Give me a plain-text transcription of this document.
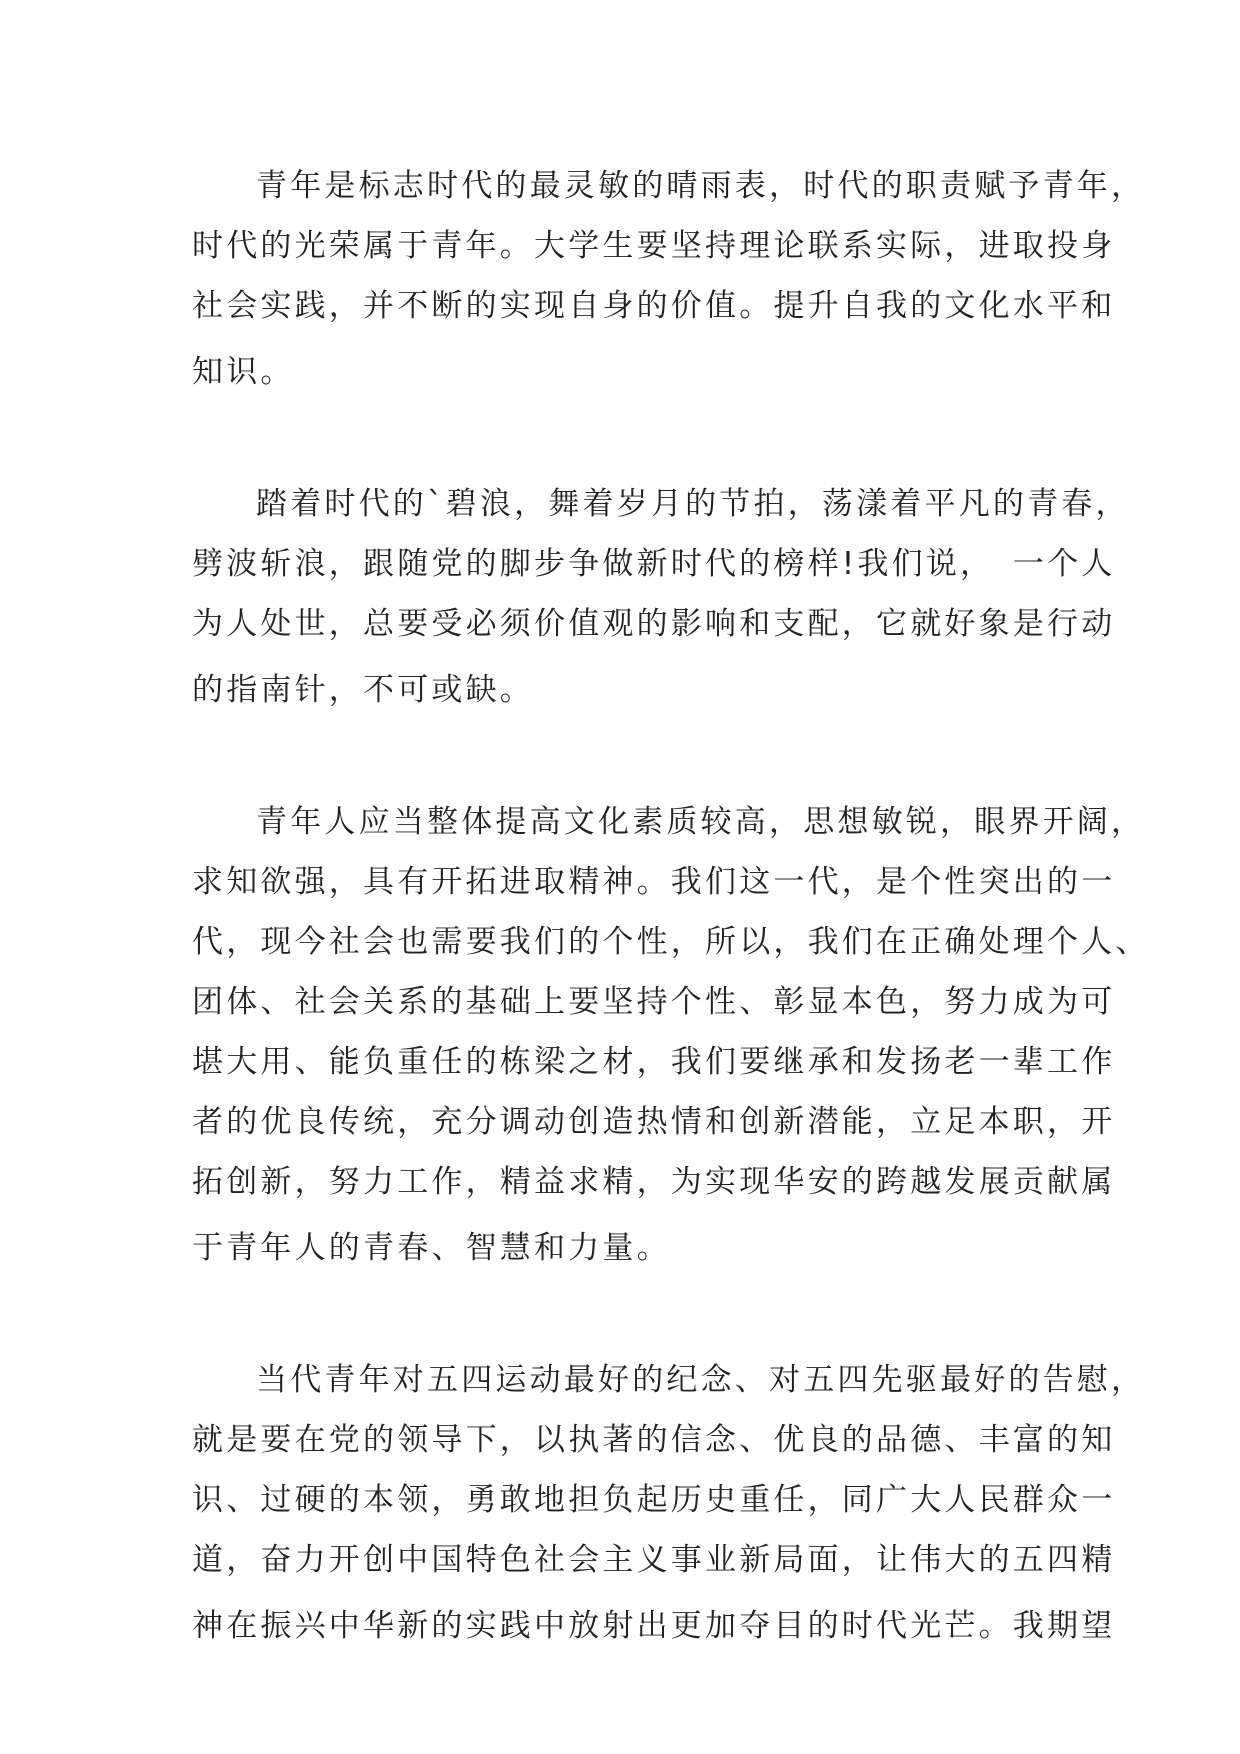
青年是标志时代的最灵敏的晴雨表，时代的职责赋予青年，
时代的光荣属于青年。大学生要坚持理论联系实际，进取投身
社会实践，并不断的实现自身的价值。提升自我的文化水平和
知识。
踏着时代的`碧浪，舞着岁月的节拍，荡漾着平凡的青春，
劈波斩浪，跟随党的脚步争做新时代的榜样!我们说，　一个人
为人处世，总要受必须价值观的影响和支配，它就好象是行动
的指南针，不可或缺。
青年人应当整体提高文化素质较高，思想敏锐，眼界开阔，
求知欲强，具有开拓进取精神。我们这一代，是个性突出的一
代，现今社会也需要我们的个性，所以，我们在正确处理个人、
团体、社会关系的基础上要坚持个性、彰显本色，努力成为可
堪大用、能负重任的栋梁之材，我们要继承和发扬老一辈工作
者的优良传统，充分调动创造热情和创新潜能，立足本职，开
拓创新，努力工作，精益求精，为实现华安的跨越发展贡献属
于青年人的青春、智慧和力量。
当代青年对五四运动最好的纪念、对五四先驱最好的告慰，
就是要在党的领导下，以执著的信念、优良的品德、丰富的知
识、过硬的本领，勇敢地担负起历史重任，同广大人民群众一
道，奋力开创中国特色社会主义事业新局面，让伟大的五四精
神在振兴中华新的实践中放射出更加夺目的时代光芒。我期望
